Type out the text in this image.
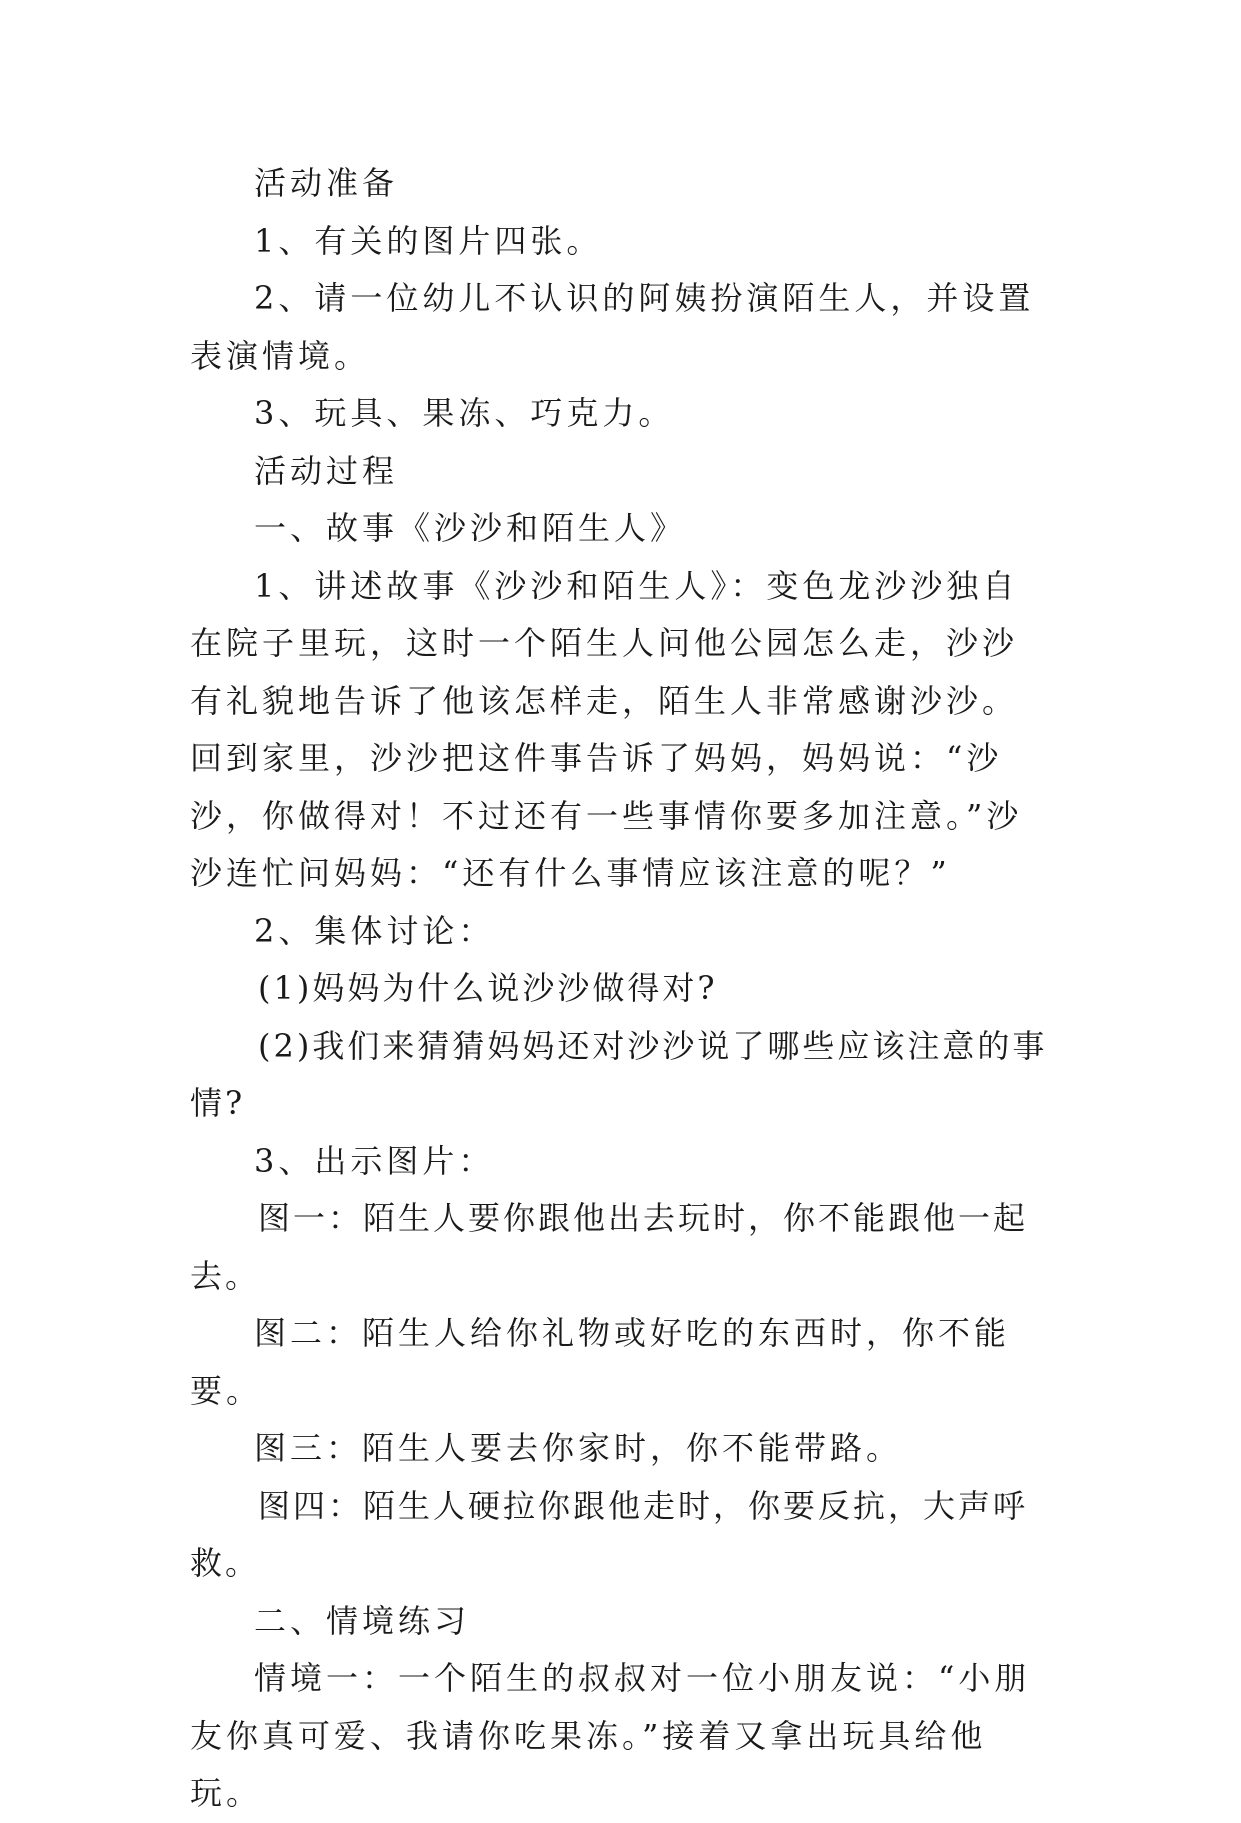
活动准备

1、有关的图片四张。

2、请一位幼儿不认识的阿姨扮演陌生人，并设置表演情境。

3、玩具、果冻、巧克力。

活动过程

一、故事《沙沙和陌生人》

1、讲述故事《沙沙和陌生人》：变色龙沙沙独自在院子里玩，这时一个陌生人问他公园怎么走，沙沙有礼貌地告诉了他该怎样走，陌生人非常感谢沙沙。回到家里，沙沙把这件事告诉了妈妈，妈妈说：“沙沙，你做得对！不过还有一些事情你要多加注意。”沙沙连忙问妈妈：“还有什么事情应该注意的呢？”

2、集体讨论：

(1)妈妈为什么说沙沙做得对?

(2)我们来猜猜妈妈还对沙沙说了哪些应该注意的事情?

3、出示图片：

图一：陌生人要你跟他出去玩时，你不能跟他一起去。

图二：陌生人给你礼物或好吃的东西时，你不能要。

图三：陌生人要去你家时，你不能带路。

图四：陌生人硬拉你跟他走时，你要反抗，大声呼救。

二、情境练习

情境一：一个陌生的叔叔对一位小朋友说：“小朋友你真可爱、我请你吃果冻。”接着又拿出玩具给他玩。
